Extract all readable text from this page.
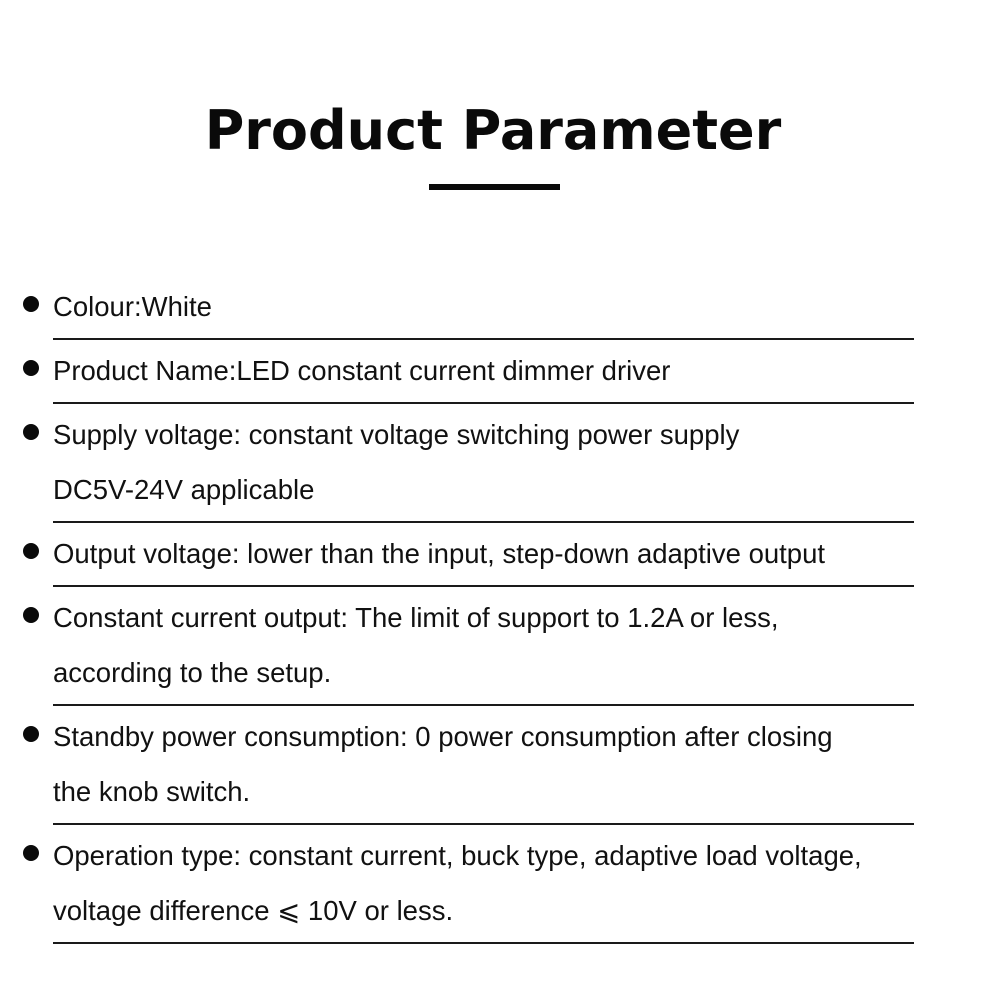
Product Parameter
Colour:White
Product Name:LED constant current dimmer driver
Supply voltage: constant voltage switching power supply
DC5V-24V applicable
Output voltage: lower than the input, step-down adaptive output
Constant current output: The limit of support to 1.2A or less,
according to the setup.
Standby power consumption: 0 power consumption after closing
the knob switch.
Operation type: constant current, buck type, adaptive load voltage,
voltage difference ⩽ 10V or less.
